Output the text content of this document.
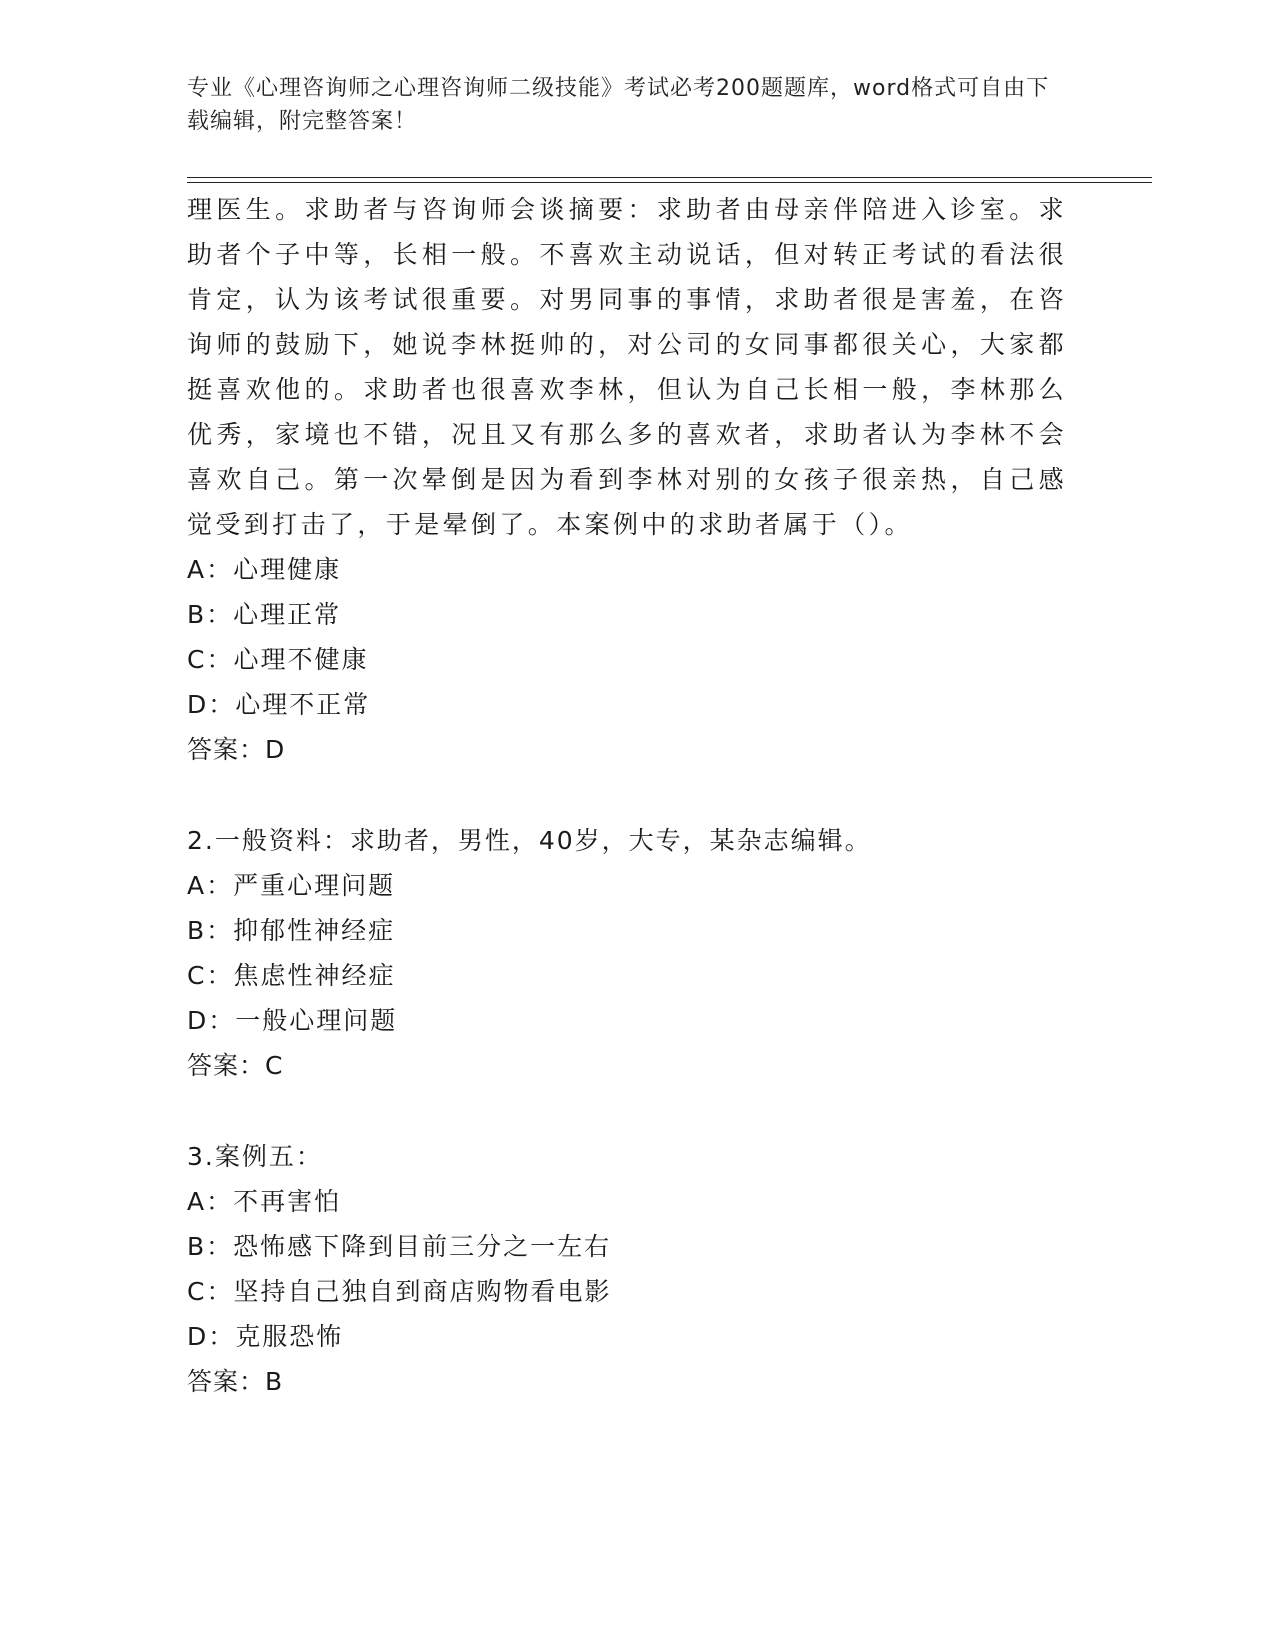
专业《心理咨询师之心理咨询师二级技能》考试必考200题题库，word格式可自由下载编辑，附完整答案！

理医生。求助者与咨询师会谈摘要：求助者由母亲伴陪进入诊室。求助者个子中等，长相一般。不喜欢主动说话，但对转正考试的看法很肯定，认为该考试很重要。对男同事的事情，求助者很是害羞，在咨询师的鼓励下，她说李林挺帅的，对公司的女同事都很关心，大家都挺喜欢他的。求助者也很喜欢李林，但认为自己长相一般，李林那么优秀，家境也不错，况且又有那么多的喜欢者，求助者认为李林不会喜欢自己。第一次晕倒是因为看到李林对别的女孩子很亲热，自己感觉受到打击了，于是晕倒了。本案例中的求助者属于（）。

A：心理健康

B：心理正常

C：心理不健康

D：心理不正常

答案：D

2.一般资料：求助者，男性，40岁，大专，某杂志编辑。

A：严重心理问题

B：抑郁性神经症

C：焦虑性神经症

D：一般心理问题

答案：C

3.案例五：

A：不再害怕

B：恐怖感下降到目前三分之一左右

C：坚持自己独自到商店购物看电影

D：克服恐怖

答案：B
